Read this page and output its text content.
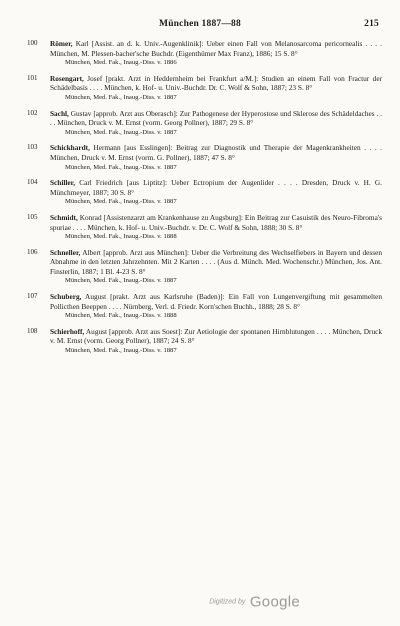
München 1887—88	215
100	Römer, Karl [Assist. an d. k. Univ.-Augenklinik]: Ueber einen Fall von Melanosarcoma pericornealis . . . . München, M. Plessen-bacher'sche Buchdr. (Eigenthümer Max Franz), 1886; 15 S. 8°
München, Med. Fak., Inaug.-Diss. v. 1886
101	Rosengart, Josef [prakt. Arzt in Heddernheim bei Frankfurt a/M.]: Studien an einem Fall von Fractur der Schädelbasis . . . . München, k. Hof- u. Univ.-Buchdr. Dr. C. Wolf & Sohn, 1887; 23 S. 8°
München, Med. Fak., Inaug.-Diss. v. 1887
102	Sachl, Gustav [approb. Arzt aus Oberasch]: Zur Pathogenese der Hyperostose und Sklerose des Schädeldaches . . . . München, Druck v. M. Ernst (vorm. Georg Pollner), 1887; 29 S. 8°
München, Med. Fak., Inaug.-Diss. v. 1887
103	Schickhardt, Hermann [aus Esslingen]: Beitrag zur Diagnostik und Therapie der Magenkrankheiten . . . . München, Druck v. M. Ernst (vorm. G. Pollner), 1887; 47 S. 8°
München, Med. Fak., Inaug.-Diss. v. 1887
104	Schiller, Carl Friedrich [aus Liptitz]: Ueber Ectropium der Augenlider . . . . Dresden, Druck v. H. G. Münchmeyer, 1887; 30 S. 8°
München, Med. Fak., Inaug.-Diss. v. 1887
105	Schmidt, Konrad [Assistenzarzt am Krankenhause zu Augsburg]: Ein Beitrag zur Casuistik des Neuro-Fibroma's spuriae . . . . München, k. Hof- u. Univ.-Buchdr. v. Dr. C. Wolf & Sohn, 1888; 30 S. 8°
München, Med. Fak., Inaug.-Diss. v. 1888
106	Schneller, Albert [approb. Arzt aus München]: Ueber die Verbreitung des Wechselfiebers in Bayern und dessen Abnahme in den letzten Jahrzehnten. Mit 2 Karten . . . . (Aus d. Münch. Med. Wochenschr.) München, Jos. Ant. Finsterlin, 1887; 1 Bl. 4-23 S. 8°
München, Med. Fak., Inaug.-Diss. v. 1887
107	Schuberg, August [prakt. Arzt aus Karlsruhe (Baden)]: Ein Fall von Lungenvergiftung mit gesammelten Pollicthen Beeppen . . . . Nürnberg, Verl. d. Friedr. Korn'schen Buchh., 1888; 28 S. 8°
München, Med. Fak., Inaug.-Diss. v. 1888
108	Schierhoff, August [approb. Arzt aus Soest]: Zur Aetiologie der spontanen Hirnblutungen . . . . München, Druck v. M. Ernst (vorm. Georg Pollner), 1887; 24 S. 8°
München, Med. Fak., Inaug.-Diss. v. 1887
Digitized by Google
